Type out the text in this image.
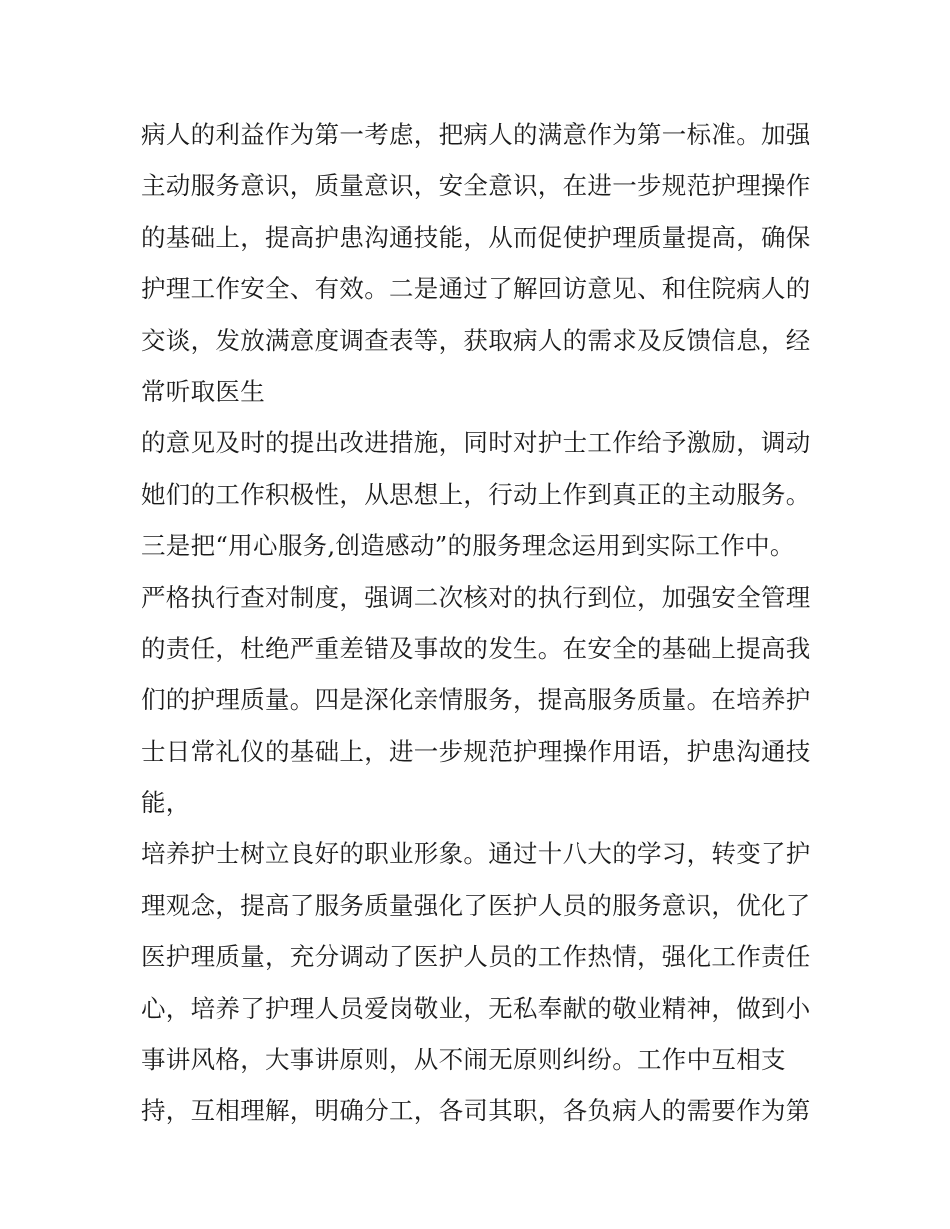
病人的利益作为第一考虑，把病人的满意作为第一标准。加强
主动服务意识，质量意识，安全意识，在进一步规范护理操作
的基础上，提高护患沟通技能，从而促使护理质量提高，确保
护理工作安全、有效。二是通过了解回访意见、和住院病人的
交谈，发放满意度调查表等，获取病人的需求及反馈信息，经
常听取医生
的意见及时的提出改进措施，同时对护士工作给予激励，调动
她们的工作积极性，从思想上，行动上作到真正的主动服务。
三是把“用心服务,创造感动”的服务理念运用到实际工作中。
严格执行查对制度，强调二次核对的执行到位，加强安全管理
的责任，杜绝严重差错及事故的发生。在安全的基础上提高我
们的护理质量。四是深化亲情服务，提高服务质量。在培养护
士日常礼仪的基础上，进一步规范护理操作用语，护患沟通技
能，
培养护士树立良好的职业形象。通过十八大的学习，转变了护
理观念，提高了服务质量强化了医护人员的服务意识，优化了
医护理质量，充分调动了医护人员的工作热情，强化工作责任
心，培养了护理人员爱岗敬业，无私奉献的敬业精神，做到小
事讲风格，大事讲原则，从不闹无原则纠纷。工作中互相支
持，互相理解，明确分工，各司其职，各负病人的需要作为第
